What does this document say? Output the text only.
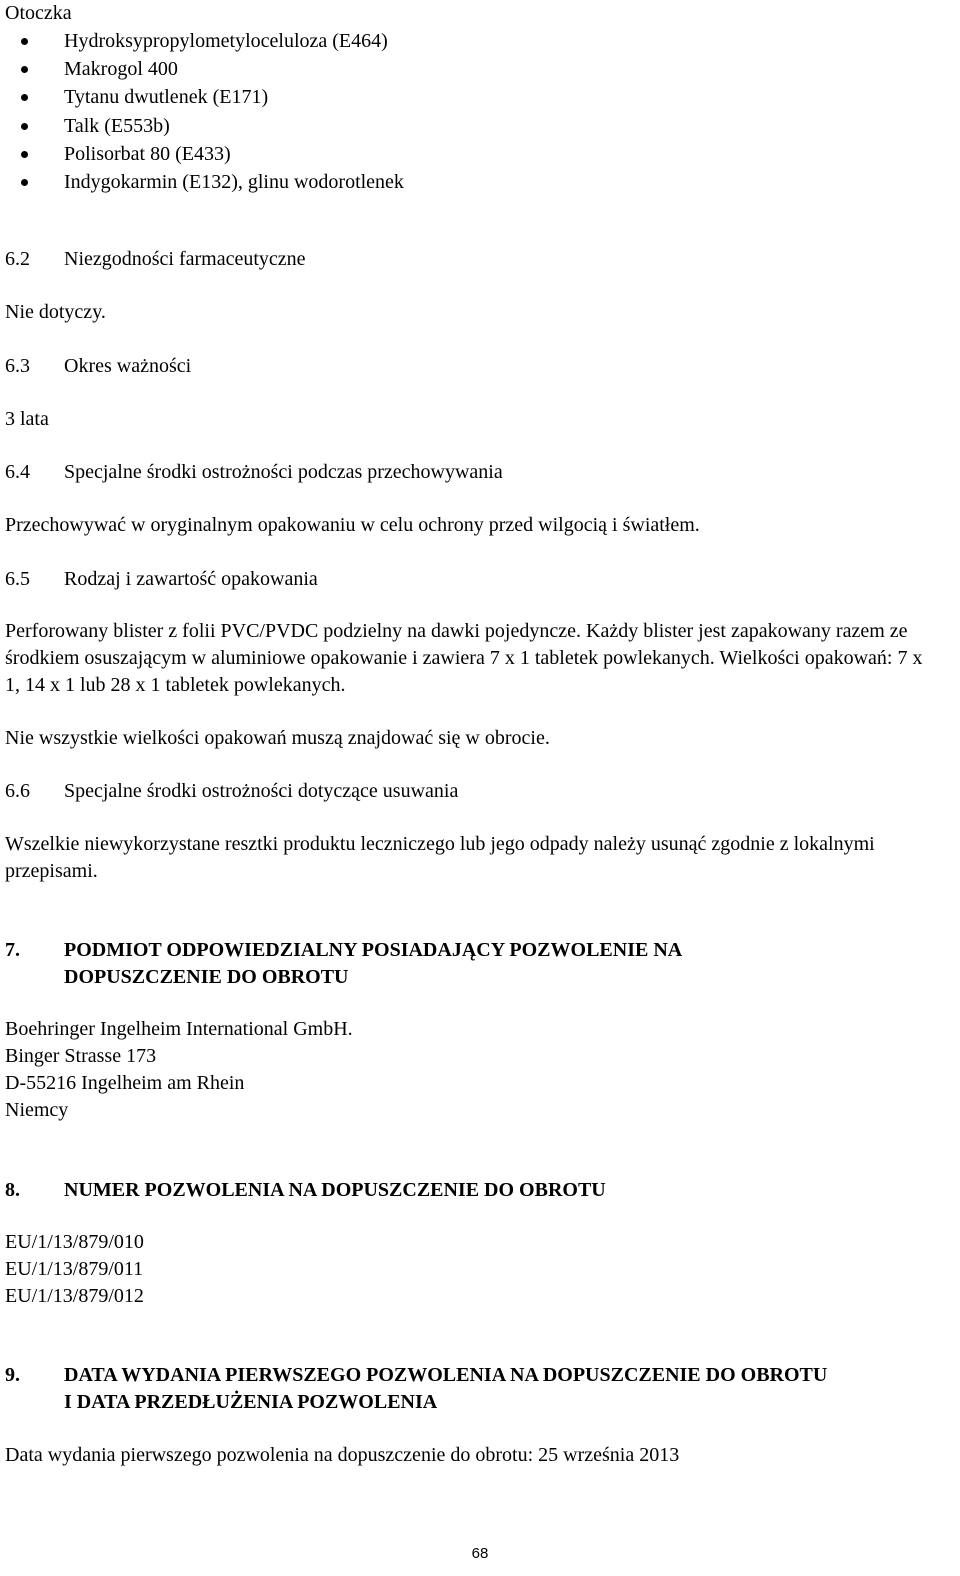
Otoczka

Hydroksypropylometyloceluloza (E464)
Makrogol 400
Tytanu dwutlenek (E171)
Talk (E553b)
Polisorbat 80 (E433)
Indygokarmin (E132), glinu wodorotlenek
6.2	Niezgodności farmaceutyczne

Nie dotyczy.

6.3	Okres ważności

3 lata

6.4	Specjalne środki ostrożności podczas przechowywania

Przechowywać w oryginalnym opakowaniu w celu ochrony przed wilgocią i światłem.

6.5	Rodzaj i zawartość opakowania

Perforowany blister z folii PVC/PVDC podzielny na dawki pojedyncze. Każdy blister jest zapakowany razem ze środkiem osuszającym w aluminiowe opakowanie i zawiera 7 x 1 tabletek powlekanych. Wielkości opakowań: 7 x 1, 14 x 1 lub 28 x 1 tabletek powlekanych.

Nie wszystkie wielkości opakowań muszą znajdować się w obrocie.

6.6	Specjalne środki ostrożności dotyczące usuwania

Wszelkie niewykorzystane resztki produktu leczniczego lub jego odpady należy usunąć zgodnie z lokalnymi przepisami.

7.	PODMIOT ODPOWIEDZIALNY POSIADAJĄCY POZWOLENIE NA
DOPUSZCZENIE DO OBROTU
Boehringer Ingelheim International GmbH.
Binger Strasse 173
D-55216 Ingelheim am Rhein
Niemcy
8.	NUMER POZWOLENIA NA DOPUSZCZENIE DO OBROTU
EU/1/13/879/010
EU/1/13/879/011
EU/1/13/879/012
9.	DATA WYDANIA PIERWSZEGO POZWOLENIA NA DOPUSZCZENIE DO OBROTU
I DATA PRZEDŁUŻENIA POZWOLENIA

Data wydania pierwszego pozwolenia na dopuszczenie do obrotu: 25 września 2013

68
